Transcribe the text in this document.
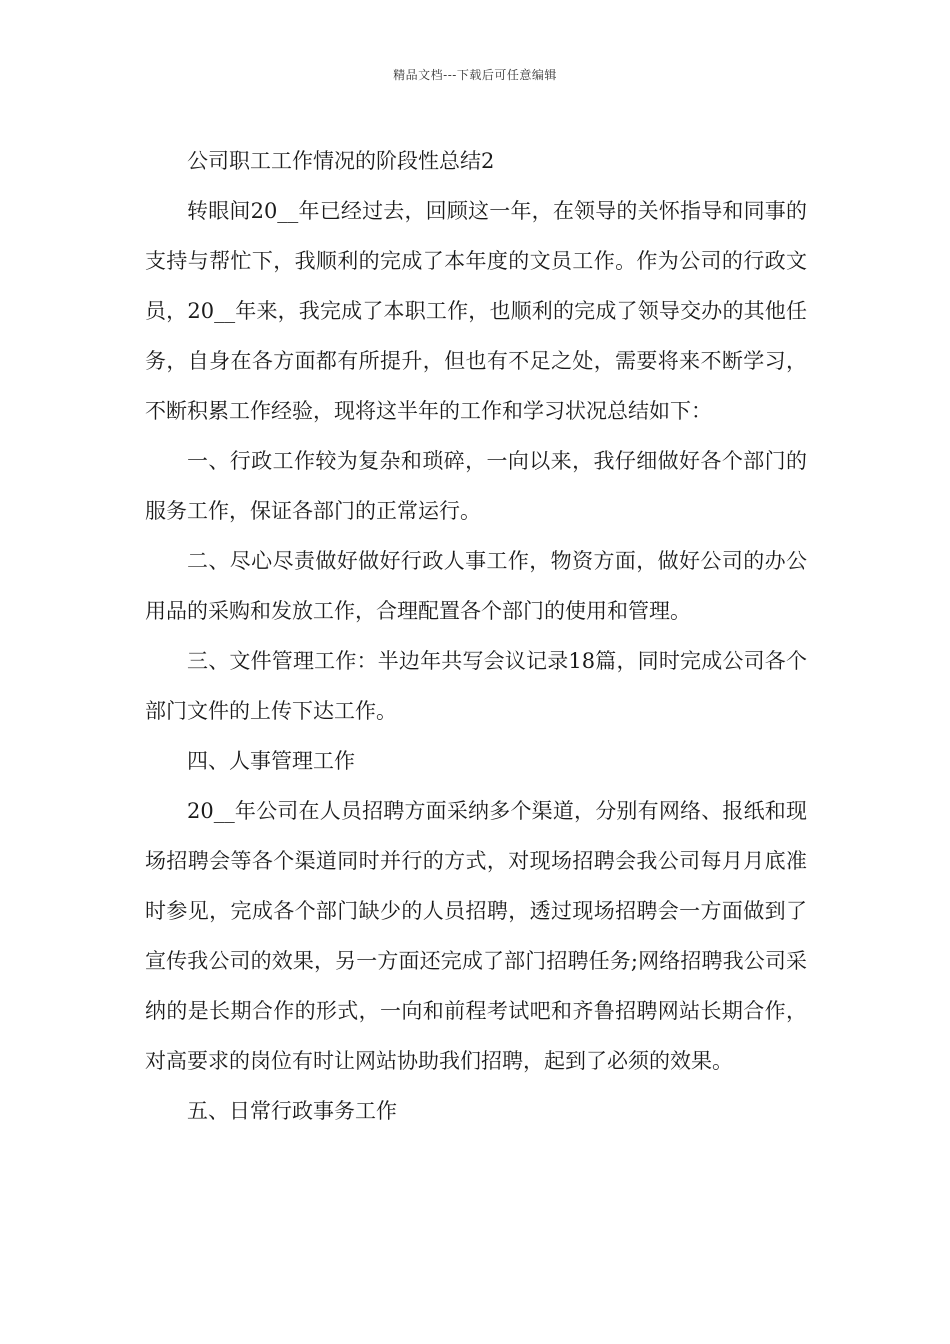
精品文档---下载后可任意编辑

公司职工工作情况的阶段性总结2

转眼间20__年已经过去，回顾这一年，在领导的关怀指导和同事的支持与帮忙下，我顺利的完成了本年度的文员工作。作为公司的行政文员，20__年来，我完成了本职工作，也顺利的完成了领导交办的其他任务，自身在各方面都有所提升，但也有不足之处，需要将来不断学习，不断积累工作经验，现将这半年的工作和学习状况总结如下：

一、行政工作较为复杂和琐碎，一向以来，我仔细做好各个部门的服务工作，保证各部门的正常运行。

二、尽心尽责做好做好行政人事工作，物资方面，做好公司的办公用品的采购和发放工作，合理配置各个部门的使用和管理。

三、文件管理工作：半边年共写会议记录18篇，同时完成公司各个部门文件的上传下达工作。

四、人事管理工作

20__年公司在人员招聘方面采纳多个渠道，分别有网络、报纸和现场招聘会等各个渠道同时并行的方式，对现场招聘会我公司每月月底准时参见，完成各个部门缺少的人员招聘，透过现场招聘会一方面做到了宣传我公司的效果，另一方面还完成了部门招聘任务;网络招聘我公司采纳的是长期合作的形式，一向和前程考试吧和齐鲁招聘网站长期合作，对高要求的岗位有时让网站协助我们招聘，起到了必须的效果。

五、日常行政事务工作
